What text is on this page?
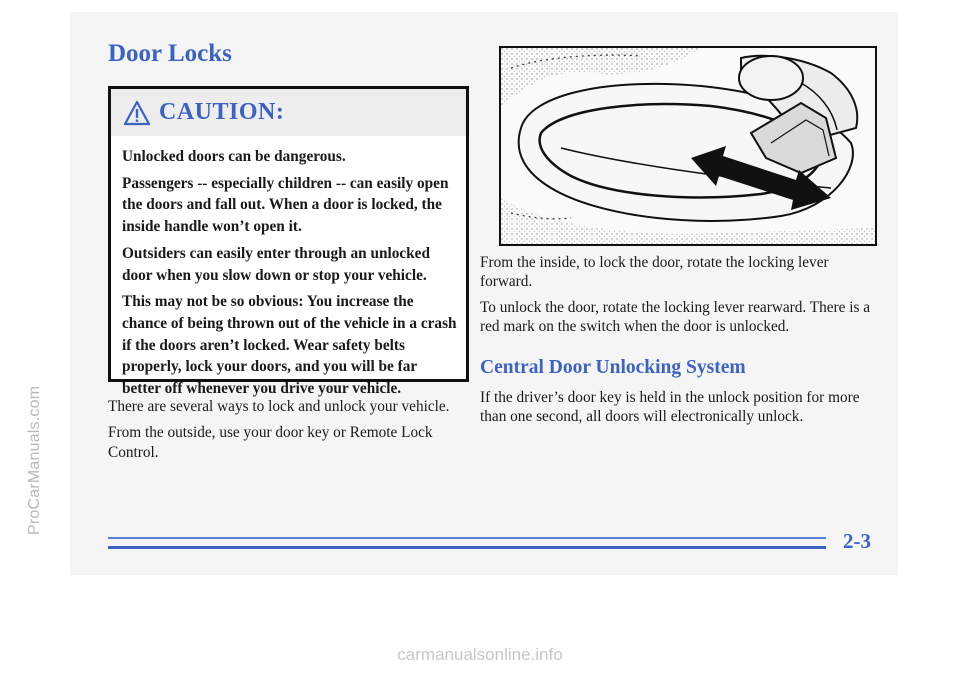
ProCarManuals.com
Door Locks
CAUTION:

Unlocked doors can be dangerous.

Passengers -- especially children -- can easily open the doors and fall out. When a door is locked, the inside handle won’t open it.

Outsiders can easily enter through an unlocked door when you slow down or stop your vehicle.

This may not be so obvious: You increase the chance of being thrown out of the vehicle in a crash if the doors aren’t locked. Wear safety belts properly, lock your doors, and you will be far better off whenever you drive your vehicle.

There are several ways to lock and unlock your vehicle.

From the outside, use your door key or Remote Lock Control.

From the inside, to lock the door, rotate the locking lever forward.

To unlock the door, rotate the locking lever rearward. There is a red mark on the switch when the door is unlocked.

Central Door Unlocking System
If the driver’s door key is held in the unlock position for more than one second, all doors will electronically unlock.
2-3
carmanualsonline.info
